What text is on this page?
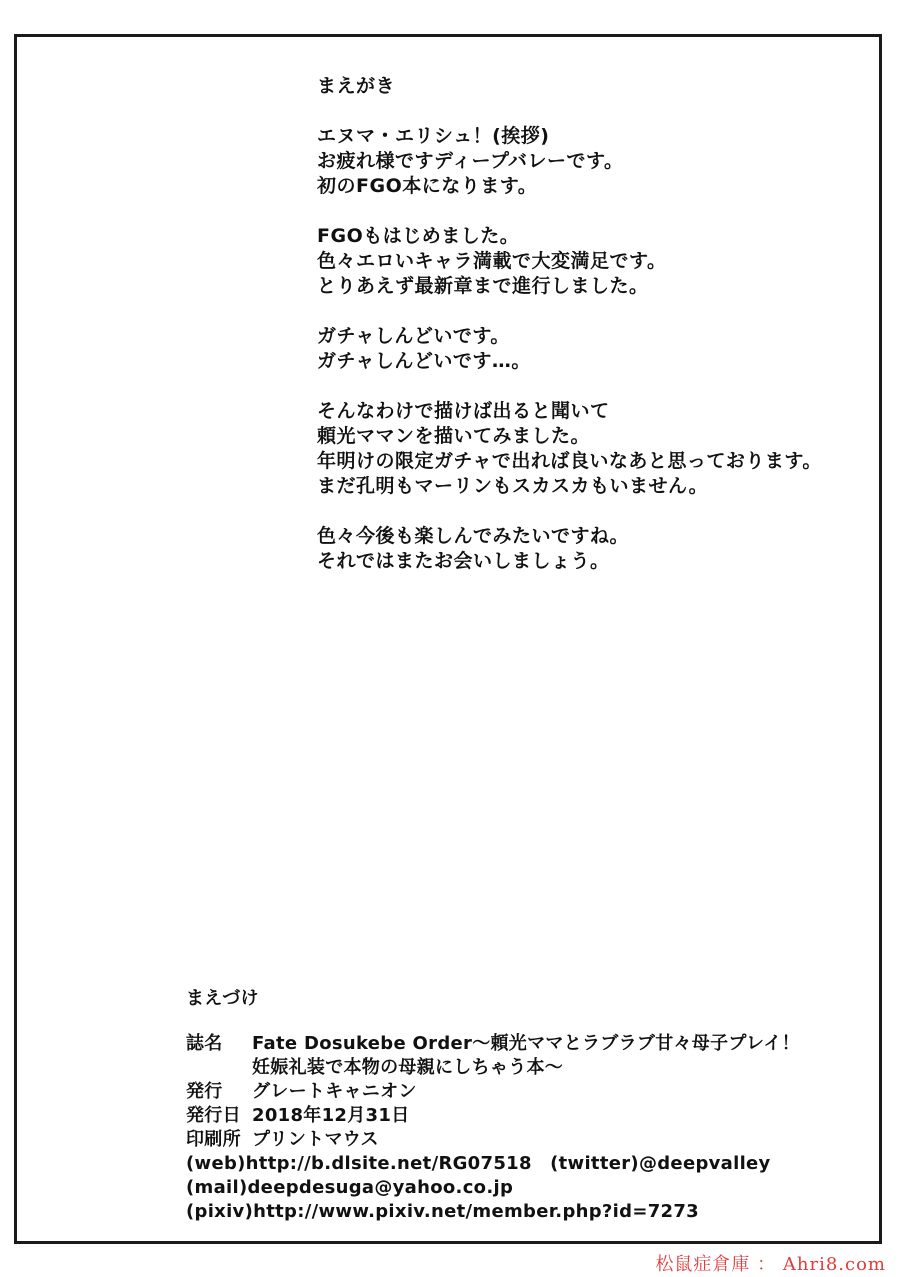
まえがき
エヌマ・エリシュ！(挨拶)
お疲れ様ですディープバレーです。
初のFGO本になります。
FGOもはじめました。
色々エロいキャラ満載で大変満足です。
とりあえず最新章まで進行しました。
ガチャしんどいです。
ガチャしんどいです…。
そんなわけで描けば出ると聞いて
頼光ママンを描いてみました。
年明けの限定ガチャで出れば良いなあと思っております。
まだ孔明もマーリンもスカスカもいません。
色々今後も楽しんでみたいですね。
それではまたお会いしましょう。
まえづけ
誌名	Fate Dosukebe Order～頼光ママとラブラブ甘々母子プレイ！
妊娠礼装で本物の母親にしちゃう本～
発行	グレートキャニオン
発行日 2018年12月31日
印刷所 プリントマウス
(web)http://b.dlsite.net/RG07518　(twitter)@deepvalley
(mail)deepdesuga@yahoo.co.jp
(pixiv)http://www.pixiv.net/member.php?id=7273
松鼠症倉庫 ： Ahri8.com
